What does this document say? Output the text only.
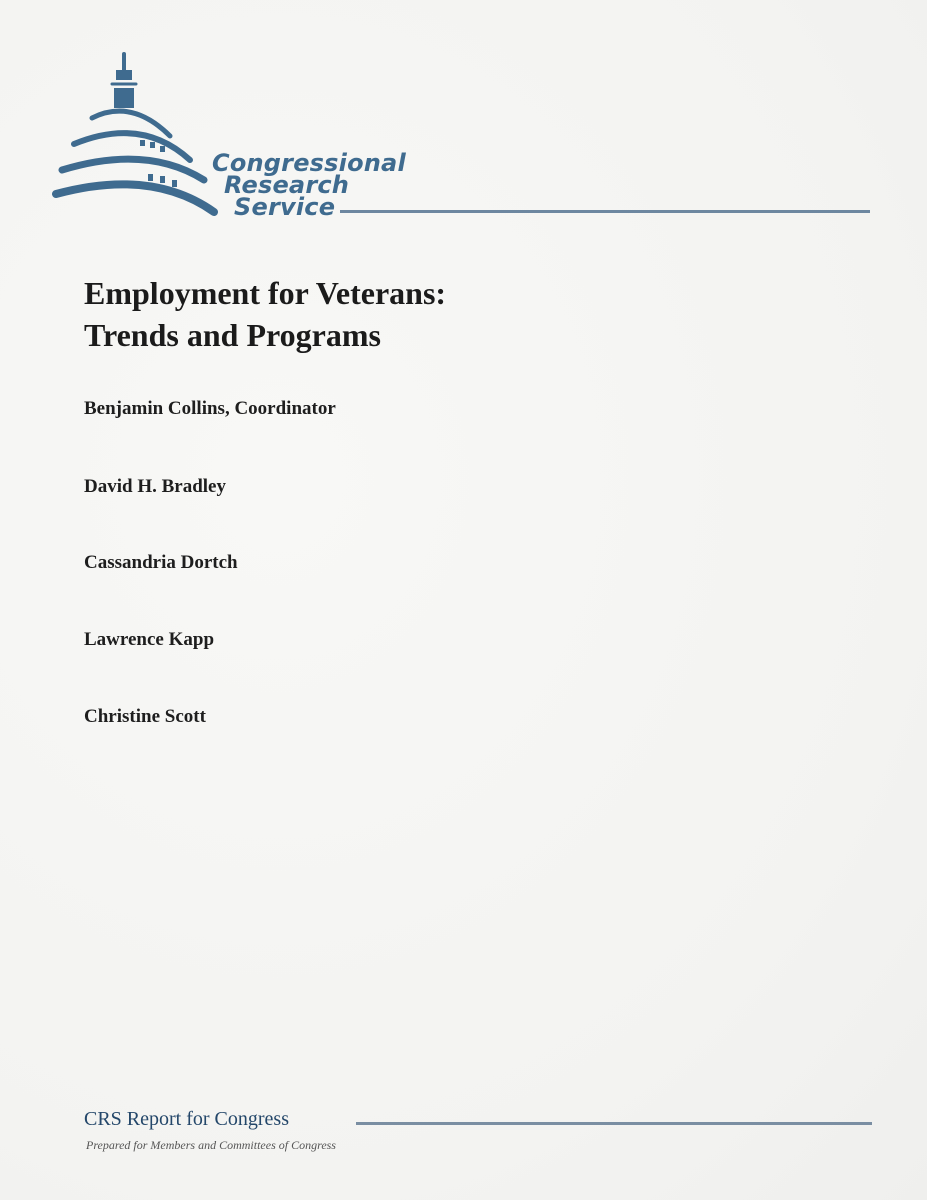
Congressional
Research
Service
Employment for Veterans:
Trends and Programs
Benjamin Collins, Coordinator
David H. Bradley
Cassandria Dortch
Lawrence Kapp
Christine Scott
CRS Report for Congress
Prepared for Members and Committees of Congress
